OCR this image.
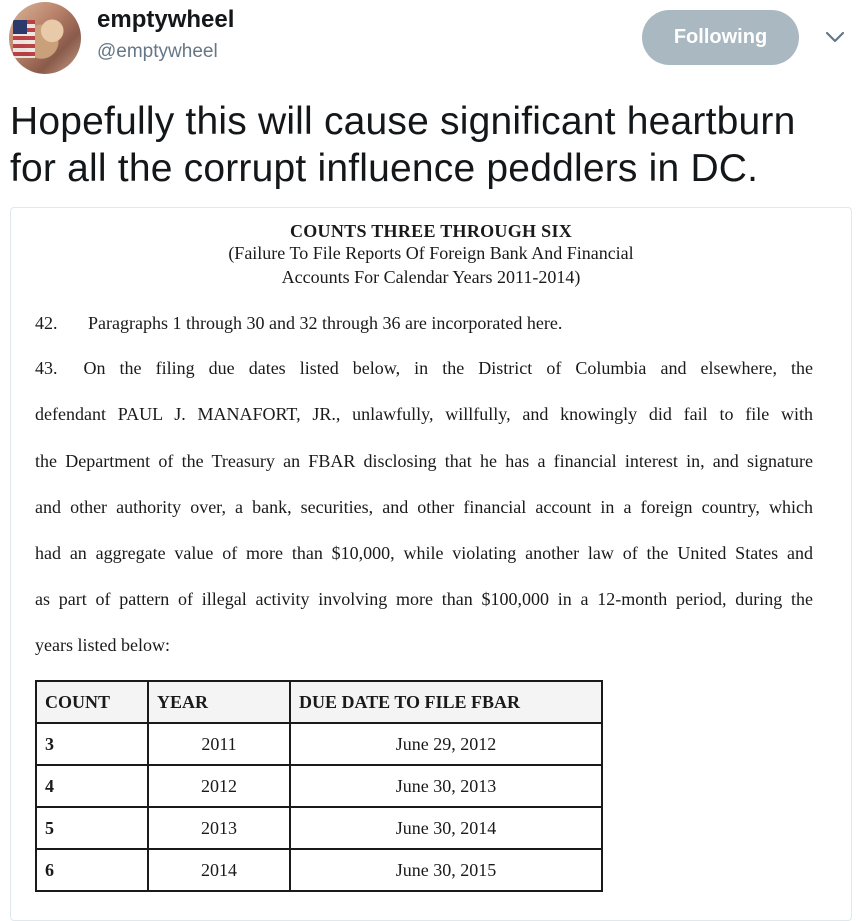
emptywheel
@emptywheel
Following
Hopefully this will cause significant heartburn for all the corrupt influence peddlers in DC.
COUNTS THREE THROUGH SIX
(Failure To File Reports Of Foreign Bank And Financial
Accounts For Calendar Years 2011-2014)
42. Paragraphs 1 through 30 and 32 through 36 are incorporated here.
43. On the filing due dates listed below, in the District of Columbia and elsewhere, the
defendant PAUL J. MANAFORT, JR., unlawfully, willfully, and knowingly did fail to file with
the Department of the Treasury an FBAR disclosing that he has a financial interest in, and signature
and other authority over, a bank, securities, and other financial account in a foreign country, which
had an aggregate value of more than $10,000, while violating another law of the United States and
as part of pattern of illegal activity involving more than $100,000 in a 12-month period, during the
years listed below:
COUNT	YEAR	DUE DATE TO FILE FBAR
3	2011	June 29, 2012
4	2012	June 30, 2013
5	2013	June 30, 2014
6	2014	June 30, 2015
